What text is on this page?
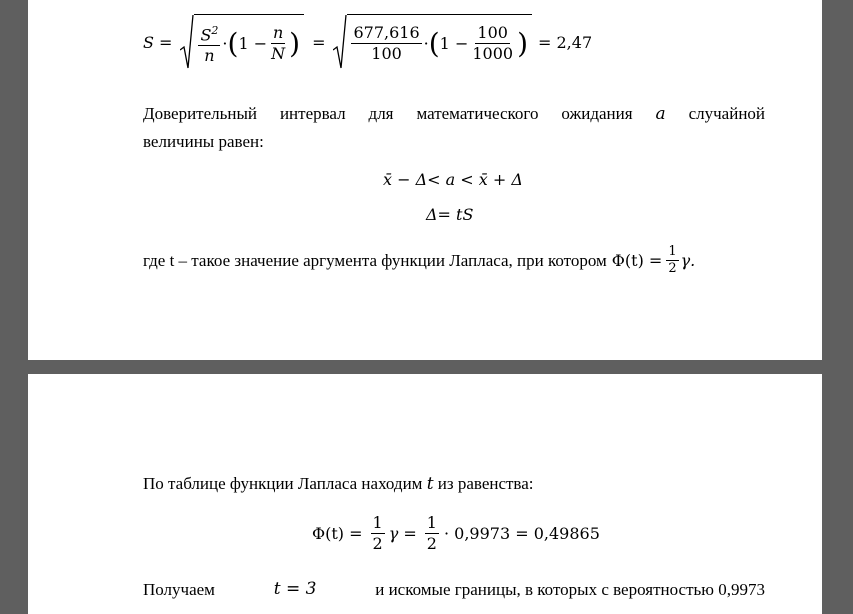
$S = \frac{S^2}{n}$ · ( $1 - \frac{n}{N}$ ) = $\frac{677,616}{100}$ · ( $1 - \frac{100}{1000}$ ) = 2,47
Доверительный интервал для математического ожидания a случайной
величины равен:
x̄ − Δ< a < x̄ + Δ
Δ= tS
где t – такое значение аргумента функции Лапласа, при котором $\Phi(t) = \frac{1}{2} \gamma$.
По таблице функции Лапласа находим t из равенства:
$\Phi(t) = \frac{1}{2}$ $\gamma = \frac{1}{2} \cdot 0,9973 = 0,49865$
Получаем	t = 3	и искомые границы, в которых с вероятностью 0,9973
